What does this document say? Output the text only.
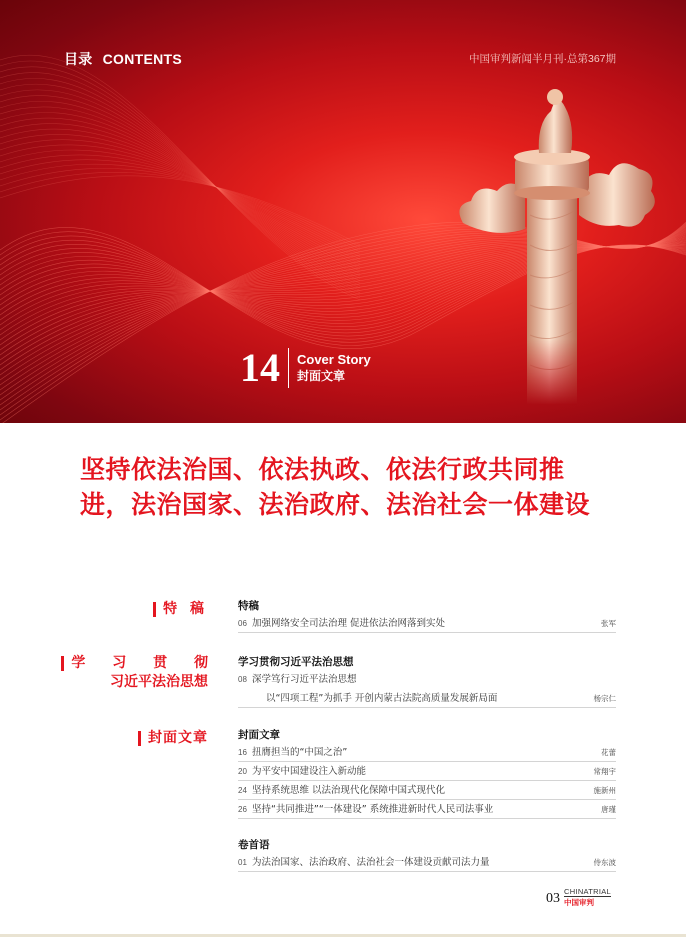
目录 CONTENTS	中国审判新闻半月刊·总第367期
14	Cover Story
封面文章
坚持依法治国、依法执政、依法行政共同推
进，法治国家、法治政府、法治社会一体建设
特 稿
学 习 贯 彻
习近平法治思想
封面文章
特稿
06 加强网络安全司法治理 促进依法治网落到实处	张军
学习贯彻习近平法治思想
08 深学笃行习近平法治思想
以“四项工程”为抓手 开创内蒙古法院高质量发展新局面	杨宗仁
封面文章
16 扭膺担当的“中国之治”	花蕾
20 为平安中国建设注入新动能	常翔宇
24 坚持系统思维 以法治现代化保障中国式现代化	施新州
26 坚持“共同推进”“一体建设” 系统推进新时代人民司法事业	唐瑾
卷首语
01 为法治国家、法治政府、法治社会一体建设贡献司法力量	侍东波
03 CHINATRIAL
中国审判
